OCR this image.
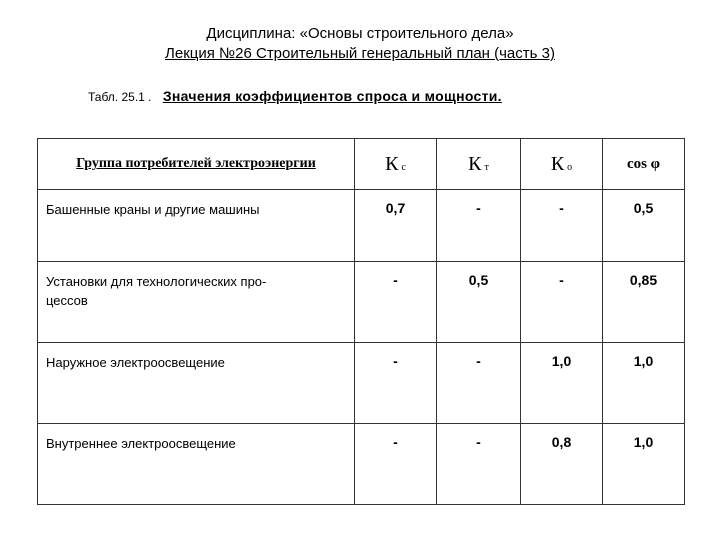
Дисциплина: «Основы строительного дела»
Лекция №26 Строительный генеральный план (часть 3)
Табл. 25.1 . Значения коэффициентов спроса и мощности.
Группа потребителей электроэнергии	К с	К т	К о	cos φ
Башенные краны и другие машины	0,7	-	-	0,5
Установки для технологических про-
цессов	-	0,5	-	0,85
Наружное электроосвещение	-	-	1,0	1,0
Внутреннее электроосвещение	-	-	0,8	1,0
